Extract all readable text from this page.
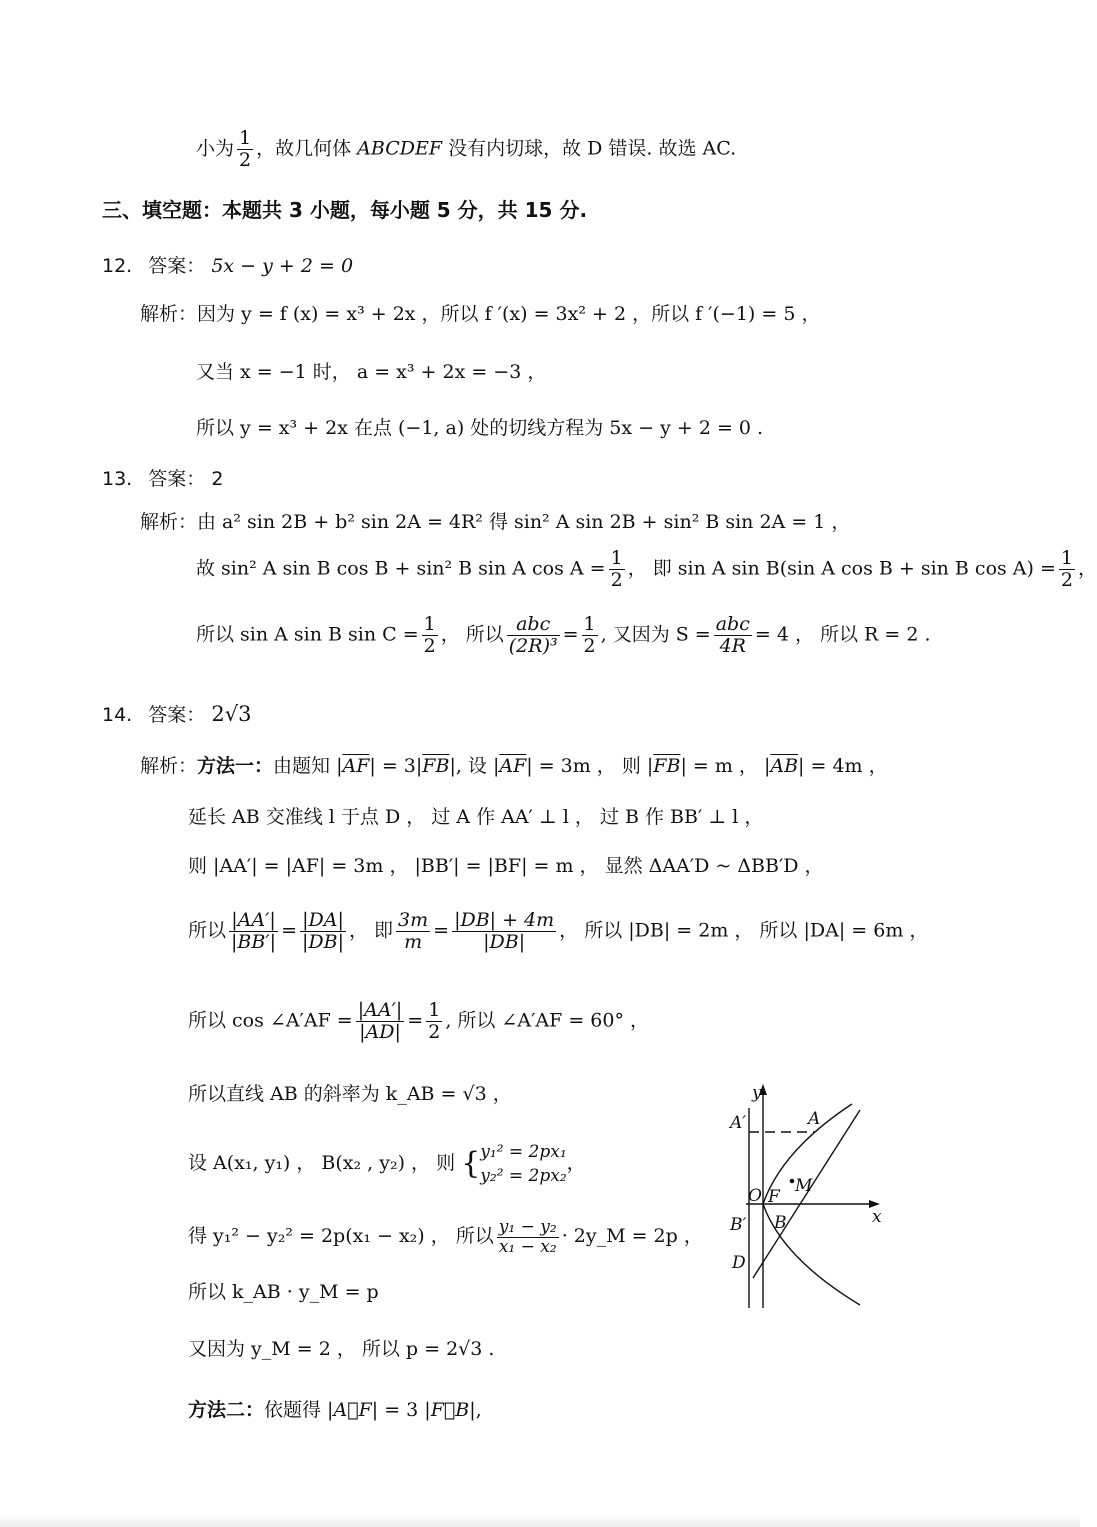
小为 $\frac{1}{2}$ ，故几何体 ABCDEF 没有内切球，故 D 错误. 故选 AC.
三、填空题：本题共 3 小题，每小题 5 分，共 15 分.
12. 答案： 5x − y + 2 = 0
解析：因为 y = f (x) = x³ + 2x ，所以 f ′(x) = 3x² + 2 ，所以 f ′(−1) = 5 ，
又当 x = −1 时， a = x³ + 2x = −3 ，
所以 y = x³ + 2x 在点 (−1, a) 处的切线方程为 5x − y + 2 = 0 .
13. 答案： 2
解析：由 a² sin 2B + b² sin 2A = 4R² 得 sin² A sin 2B + sin² B sin 2A = 1 ，
故 sin² A sin B cos B + sin² B sin A $\cos A = \frac{1}{2}$ ， 即 sin A sin B(sin A cos B + sin B $\cos A) = \frac{1}{2}$ ，
所以 sin A sin B $\sin C = \frac{1}{2}$ ， 所以 $\frac{\text{abc}}{\text{(2R)³}} = \frac{1}{2}$ , 又因为 $S = \frac{\text{abc}}{4R} = 4$ ， 所以 R = 2 .
14. 答案： 2√3
解析：方法一：由题知 $|\overline{AF}| = 3|\overline{FB}|$, 设 $|\overline{AF}| = 3m$ ， 则 $|\overline{FB}| = m$ ， $|\overline{AB}| = 4m$ ，
延长 AB 交准线 l 于点 D ， 过 A 作 AA′ ⊥ l ， 过 B 作 BB′ ⊥ l ，
则 |AA′| = |AF| = 3m ， |BB′| = |BF| = m ， 显然 ΔAA′D ~ ΔBB′D ，
所以 $\frac{|AA'|}{|BB'|} = \frac{|DA|}{|DB|}$ ， 即 $\frac{3m}{m} = \frac{|DB| + 4m}{|DB|}$ ， 所以 |DB| = 2m ， 所以 |DA| = 6m ，
所以 cos ∠A′AF = $\frac{|AA'|}{|AD|} = \frac{1}{2}$ , 所以 ∠A′AF = 60° ，
所以直线 AB 的斜率为 k_AB = √3 ，
设 A(x₁, y₁) ， B(x₂ , y₂) ， 则 { y₁² = 2px₁
y₂² = 2px₂
，
得 y₁² − y₂² = 2p(x₁ − x₂) ， 所以 $\frac{\text{y₁ − y₂}}{\text{x₁ − x₂}}$ · 2y_M = 2p ，
所以 k_AB · y_M = p
又因为 y_M = 2 ， 所以 p = 2√3 .
方法二：依题得 |A⃗F| = 3 |F⃗B|,
y
x
A′	A
O F
M
B′ B
D
